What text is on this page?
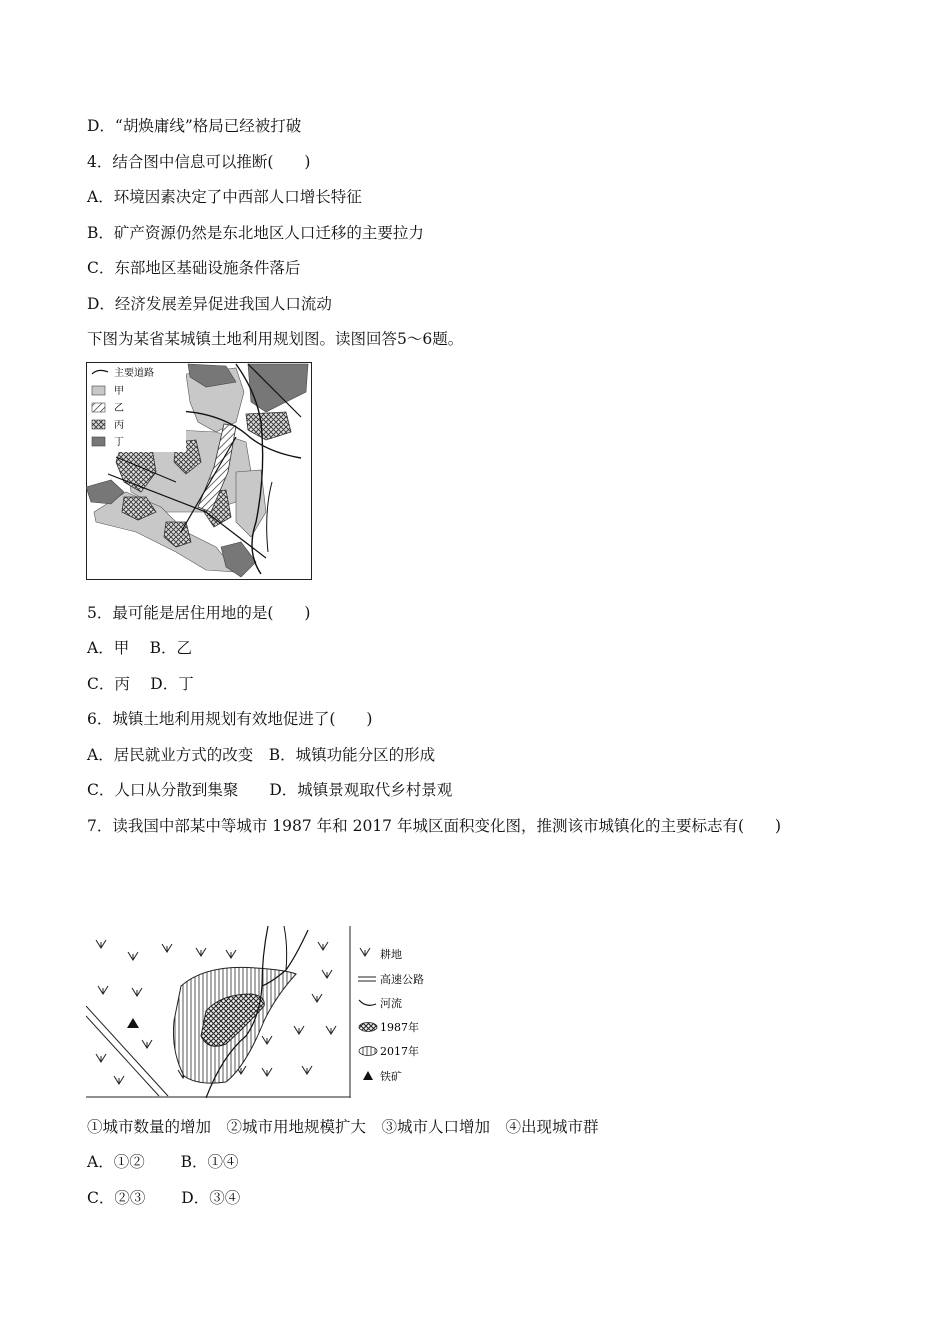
D．“胡焕庸线”格局已经被打破
4．结合图中信息可以推断(　　)
A．环境因素决定了中西部人口增长特征
B．矿产资源仍然是东北地区人口迁移的主要拉力
C．东部地区基础设施条件落后
D．经济发展差异促进我国人口流动
下图为某省某城镇土地利用规划图。读图回答5～6题。
主要道路
甲
乙
丙
丁
5．最可能是居住用地的是(　　)
A．甲　 B．乙
C．丙　 D．丁
6．城镇土地利用规划有效地促进了(　　)
A．居民就业方式的改变　B．城镇功能分区的形成
C．人口从分散到集聚　　D．城镇景观取代乡村景观
7．读我国中部某中等城市 1987 年和 2017 年城区面积变化图，推测该市城镇化的主要标志有(　　)
耕地
高速公路
河流
1987年
2017年
铁矿
①城市数量的增加　②城市用地规模扩大　③城市人口增加　④出现城市群
A．①②　　 B．①④
C．②③　　 D．③④
